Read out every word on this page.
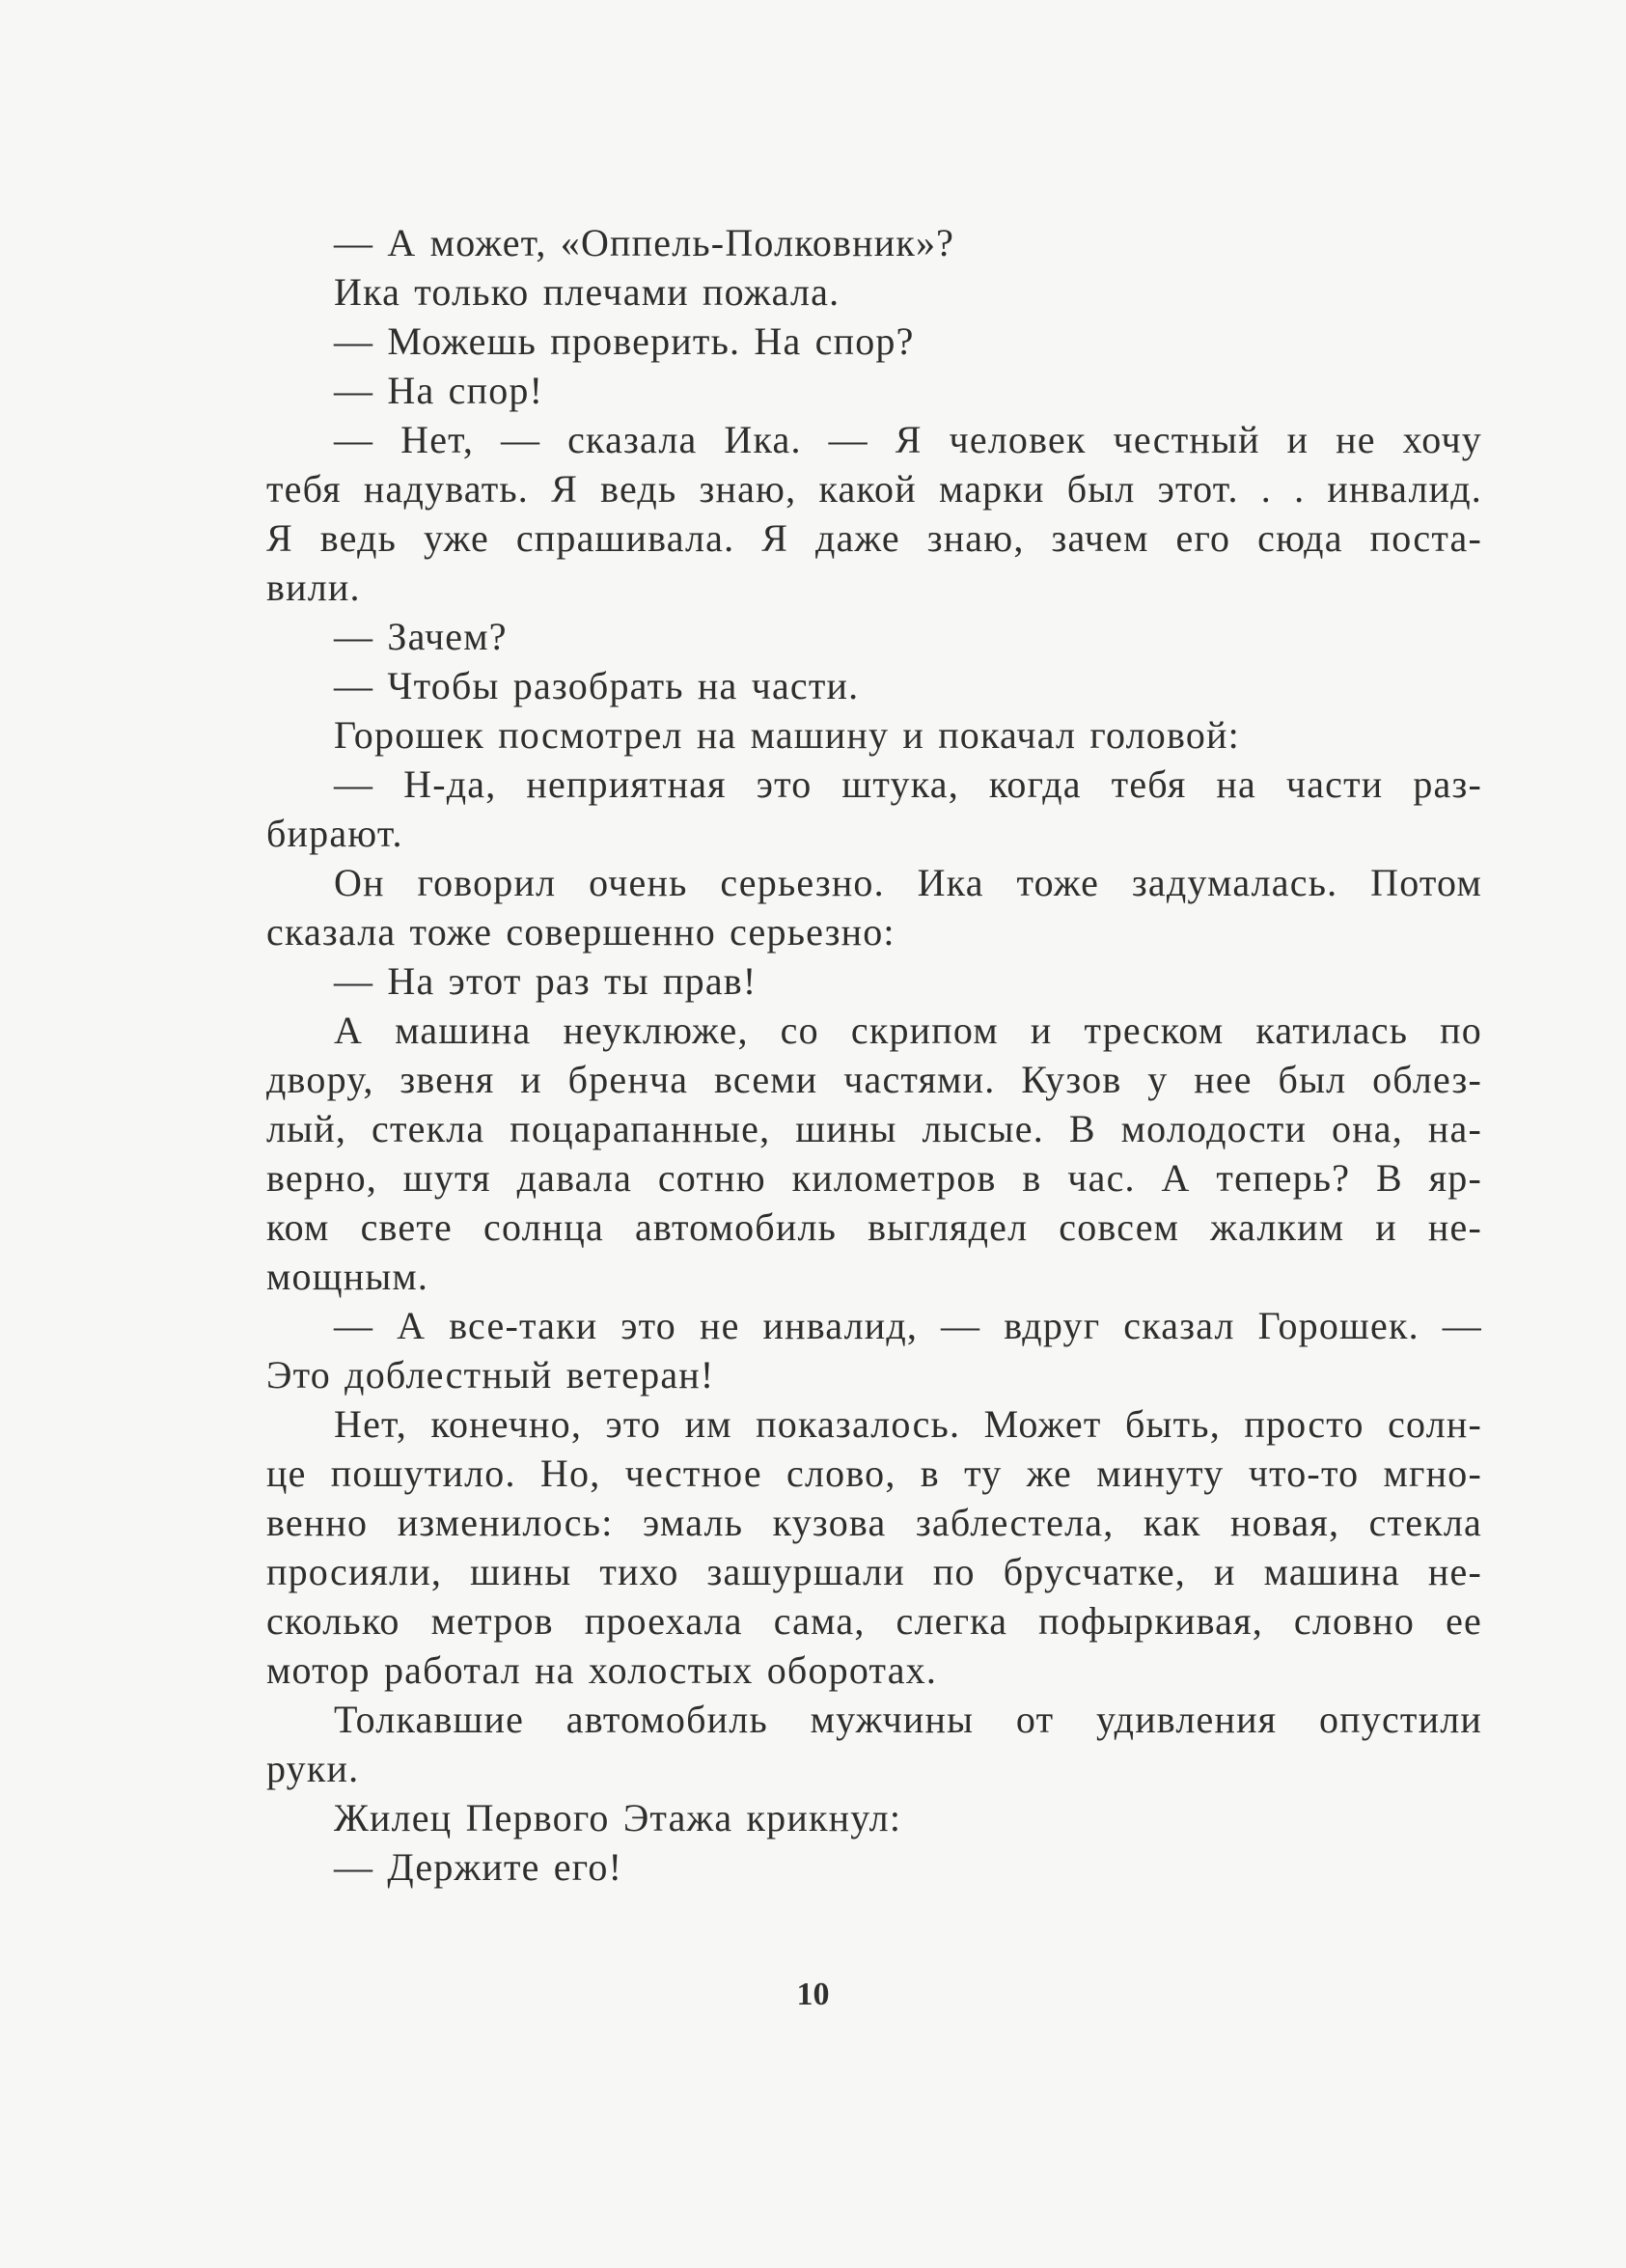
— А может, «Оппель-Полковник»?
Ика только плечами пожала.
— Можешь проверить. На спор?
— На спор!
— Нет, — сказала Ика. — Я человек честный и не хочу
тебя надувать. Я ведь знаю, какой марки был этот. . . инвалид.
Я ведь уже спрашивала. Я даже знаю, зачем его сюда поста-
вили.
— Зачем?
— Чтобы разобрать на части.
Горошек посмотрел на машину и покачал головой:
— Н-да, неприятная это штука, когда тебя на части раз-
бирают.
Он говорил очень серьезно. Ика тоже задумалась. Потом
сказала тоже совершенно серьезно:
— На этот раз ты прав!
А машина неуклюже, со скрипом и треском катилась по
двору, звеня и бренча всеми частями. Кузов у нее был облез-
лый, стекла поцарапанные, шины лысые. В молодости она, на-
верно, шутя давала сотню километров в час. А теперь? В яр-
ком свете солнца автомобиль выглядел совсем жалким и не-
мощным.
— А все-таки это не инвалид, — вдруг сказал Горошек. —
Это доблестный ветеран!
Нет, конечно, это им показалось. Может быть, просто солн-
це пошутило. Но, честное слово, в ту же минуту что-то мгно-
венно изменилось: эмаль кузова заблестела, как новая, стекла
просияли, шины тихо зашуршали по брусчатке, и машина не-
сколько метров проехала сама, слегка пофыркивая, словно ее
мотор работал на холостых оборотах.
Толкавшие автомобиль мужчины от удивления опустили
руки.
Жилец Первого Этажа крикнул:
— Держите его!
10
